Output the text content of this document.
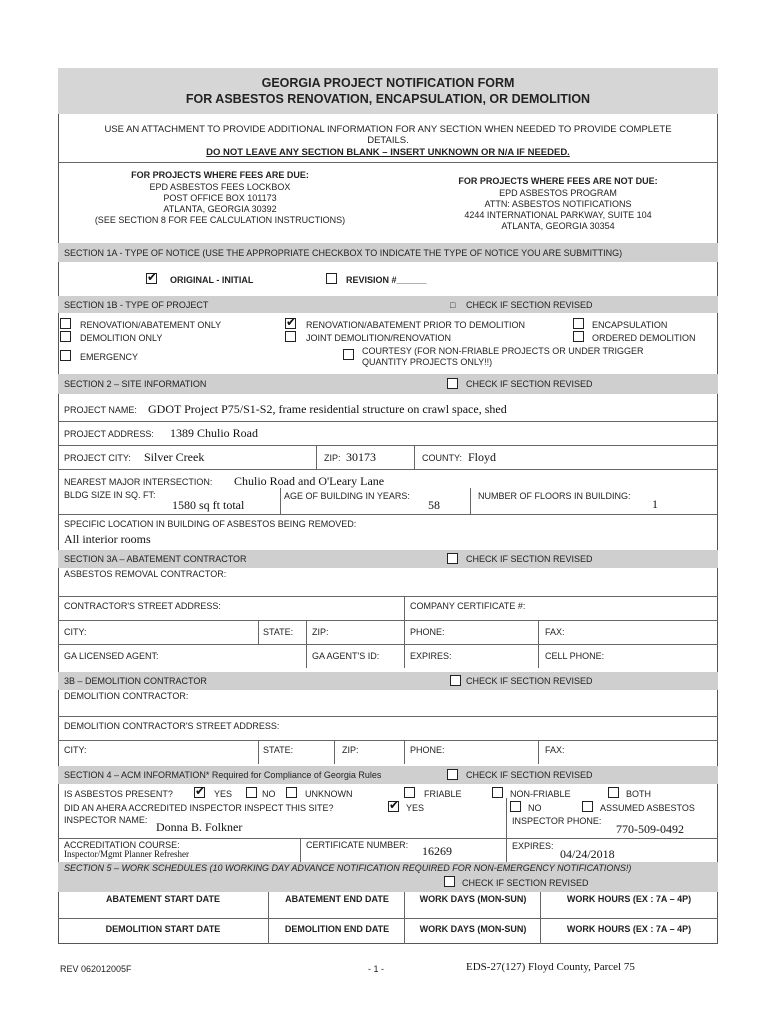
GEORGIA PROJECT NOTIFICATION FORM
FOR ASBESTOS RENOVATION, ENCAPSULATION, OR DEMOLITION
USE AN ATTACHMENT TO PROVIDE ADDITIONAL INFORMATION FOR ANY SECTION WHEN NEEDED TO PROVIDE COMPLETE
DETAILS.
DO NOT LEAVE ANY SECTION BLANK – INSERT UNKNOWN OR N/A IF NEEDED.
FOR PROJECTS WHERE FEES ARE DUE:
EPD ASBESTOS FEES LOCKBOX
POST OFFICE BOX 101173
ATLANTA, GEORGIA 30392
(SEE SECTION 8 FOR FEE CALCULATION INSTRUCTIONS)
FOR PROJECTS WHERE FEES ARE NOT DUE:
EPD ASBESTOS PROGRAM
ATTN: ASBESTOS NOTIFICATIONS
4244 INTERNATIONAL PARKWAY, SUITE 104
ATLANTA, GEORGIA 30354
SECTION 1A - TYPE OF NOTICE (USE THE APPROPRIATE CHECKBOX TO INDICATE THE TYPE OF NOTICE YOU ARE SUBMITTING)
✔
ORIGINAL - INITIAL	REVISION #______
SECTION 1B - TYPE OF PROJECT	□ CHECK IF SECTION REVISED
RENOVATION/ABATEMENT ONLY
DEMOLITION ONLY
EMERGENCY
✔
RENOVATION/ABATEMENT PRIOR TO DEMOLITION
JOINT DEMOLITION/RENOVATION
COURTESY (FOR NON-FRIABLE PROJECTS OR UNDER TRIGGER
QUANTITY PROJECTS ONLY!!)
ENCAPSULATION
ORDERED DEMOLITION
SECTION 2 – SITE INFORMATION	CHECK IF SECTION REVISED
PROJECT NAME: GDOT Project P75/S1-S2, frame residential structure on crawl space, shed
PROJECT ADDRESS: 1389 Chulio Road
PROJECT CITY: Silver Creek	ZIP: 30173	COUNTY: Floyd
NEAREST MAJOR INTERSECTION: Chulio Road and O'Leary Lane
BLDG SIZE IN SQ. FT:
1580 sq ft total
AGE OF BUILDING IN YEARS:
58
NUMBER OF FLOORS IN BUILDING:
1
SPECIFIC LOCATION IN BUILDING OF ASBESTOS BEING REMOVED:
All interior rooms
SECTION 3A – ABATEMENT CONTRACTOR	CHECK IF SECTION REVISED
ASBESTOS REMOVAL CONTRACTOR:
CONTRACTOR'S STREET ADDRESS:	COMPANY CERTIFICATE #:
CITY:	STATE: ZIP:	PHONE:	FAX:
GA LICENSED AGENT:	GA AGENT'S ID:	EXPIRES:	CELL PHONE:
3B – DEMOLITION CONTRACTOR	CHECK IF SECTION REVISED
DEMOLITION CONTRACTOR:
DEMOLITION CONTRACTOR'S STREET ADDRESS:
CITY:	STATE:	ZIP:	PHONE:	FAX:
SECTION 4 – ACM INFORMATION* Required for Compliance of Georgia Rules	CHECK IF SECTION REVISED
IS ASBESTOS PRESENT? ✔	YES	NO	UNKNOWN	FRIABLE	NON-FRIABLE	BOTH
DID AN AHERA ACCREDITED INSPECTOR INSPECT THIS SITE? ✔	YES	NO	ASSUMED ASBESTOS
INSPECTOR NAME: Donna B. Folkner	INSPECTOR PHONE:
770-509-0492
ACCREDITATION COURSE:
Inspector/Mgmt Planner Refresher
CERTIFICATE NUMBER: 16269	EXPIRES:
04/24/2018
SECTION 5 – WORK SCHEDULES (10 WORKING DAY ADVANCE NOTIFICATION REQUIRED FOR NON-EMERGENCY NOTIFICATIONS!)
CHECK IF SECTION REVISED
ABATEMENT START DATE	ABATEMENT END DATE	WORK DAYS (MON-SUN)	WORK HOURS (EX : 7A – 4P)
DEMOLITION START DATE	DEMOLITION END DATE	WORK DAYS (MON-SUN)	WORK HOURS (EX : 7A – 4P)
REV 062012005F	- 1 -	EDS-27(127) Floyd County, Parcel 75
